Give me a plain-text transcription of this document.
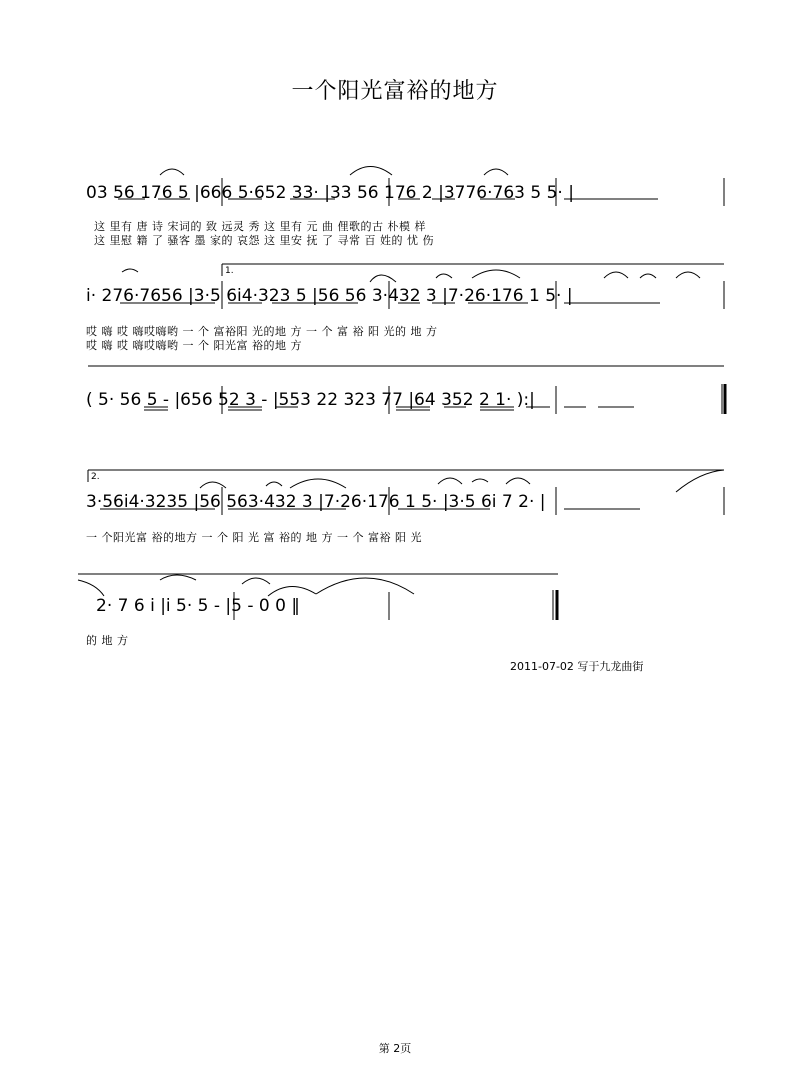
一个阳光富裕的地方
03 56 176 5 |666 5·652 33· |33 56 176 2 |3776·763 5 5· |
这 里有 唐 诗 宋词的 致 远灵 秀 这 里有 元 曲 俚歌的古 朴模 样
这 里慰 籍 了 骚客 墨 家的 哀怨 这 里安 抚 了 寻常 百 姓的 忧 伤
1.
i· 276·7656 |3·5 6i4·323 5 |56 56 3·432 3 |7·26·176 1 5· |
哎 嗨 哎 嗨哎嗨哟 一 个 富裕阳 光的地 方 一 个 富 裕 阳 光的 地 方
哎 嗨 哎 嗨哎嗨哟 一 个 阳光富 裕的地 方
( 5· 56 5 - |656 52 3 - |553 22 323 77 |64 352 2 1· ):|
2.
3·56i4·3235 |56 563·432 3 |7·26·176 1 5· |3·5 6i 7 2· |
一 个阳光富 裕的地方 一 个 阳 光 富 裕的 地 方 一 个 富裕 阳 光
2· 7 6 i |i 5· 5 - |5 - 0 0 ‖
的 地 方
2011-07-02 写于九龙曲街
第 2页
